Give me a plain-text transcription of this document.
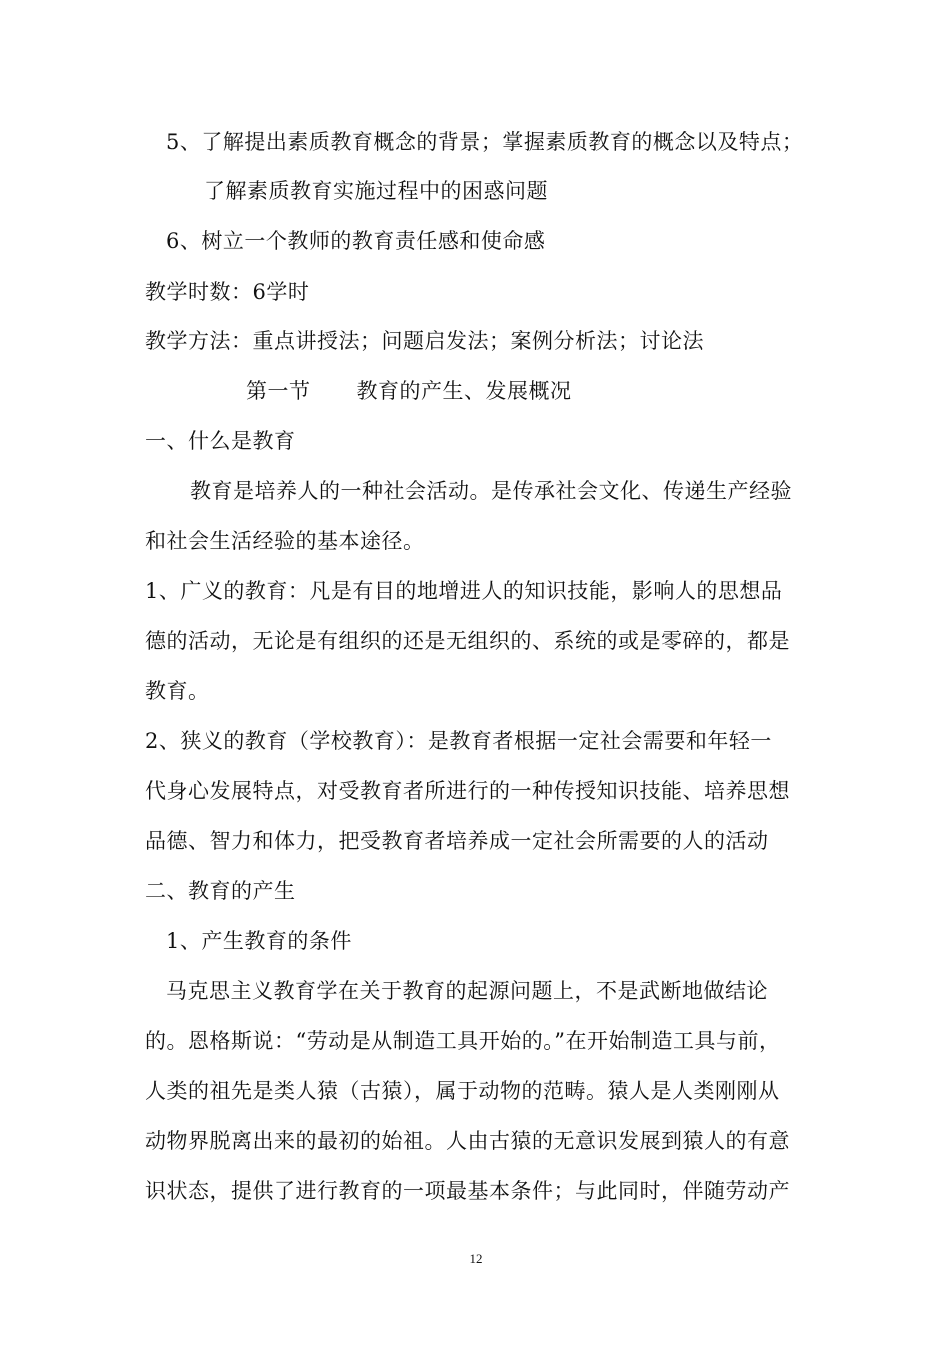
5、了解提出素质教育概念的背景；掌握素质教育的概念以及特点；
了解素质教育实施过程中的困惑问题
6、树立一个教师的教育责任感和使命感
教学时数：6学时
教学方法：重点讲授法；问题启发法；案例分析法；讨论法
第一节 教育的产生、发展概况
一、什么是教育
教育是培养人的一种社会活动。是传承社会文化、传递生产经验
和社会生活经验的基本途径。
1、广义的教育：凡是有目的地增进人的知识技能，影响人的思想品
德的活动，无论是有组织的还是无组织的、系统的或是零碎的，都是
教育。
2、狭义的教育（学校教育）：是教育者根据一定社会需要和年轻一
代身心发展特点，对受教育者所进行的一种传授知识技能、培养思想
品德、智力和体力，把受教育者培养成一定社会所需要的人的活动
二、教育的产生
1、产生教育的条件
马克思主义教育学在关于教育的起源问题上，不是武断地做结论
的。恩格斯说：“劳动是从制造工具开始的。”在开始制造工具与前，
人类的祖先是类人猿（古猿），属于动物的范畴。猿人是人类刚刚从
动物界脱离出来的最初的始祖。人由古猿的无意识发展到猿人的有意
识状态，提供了进行教育的一项最基本条件；与此同时，伴随劳动产
12
